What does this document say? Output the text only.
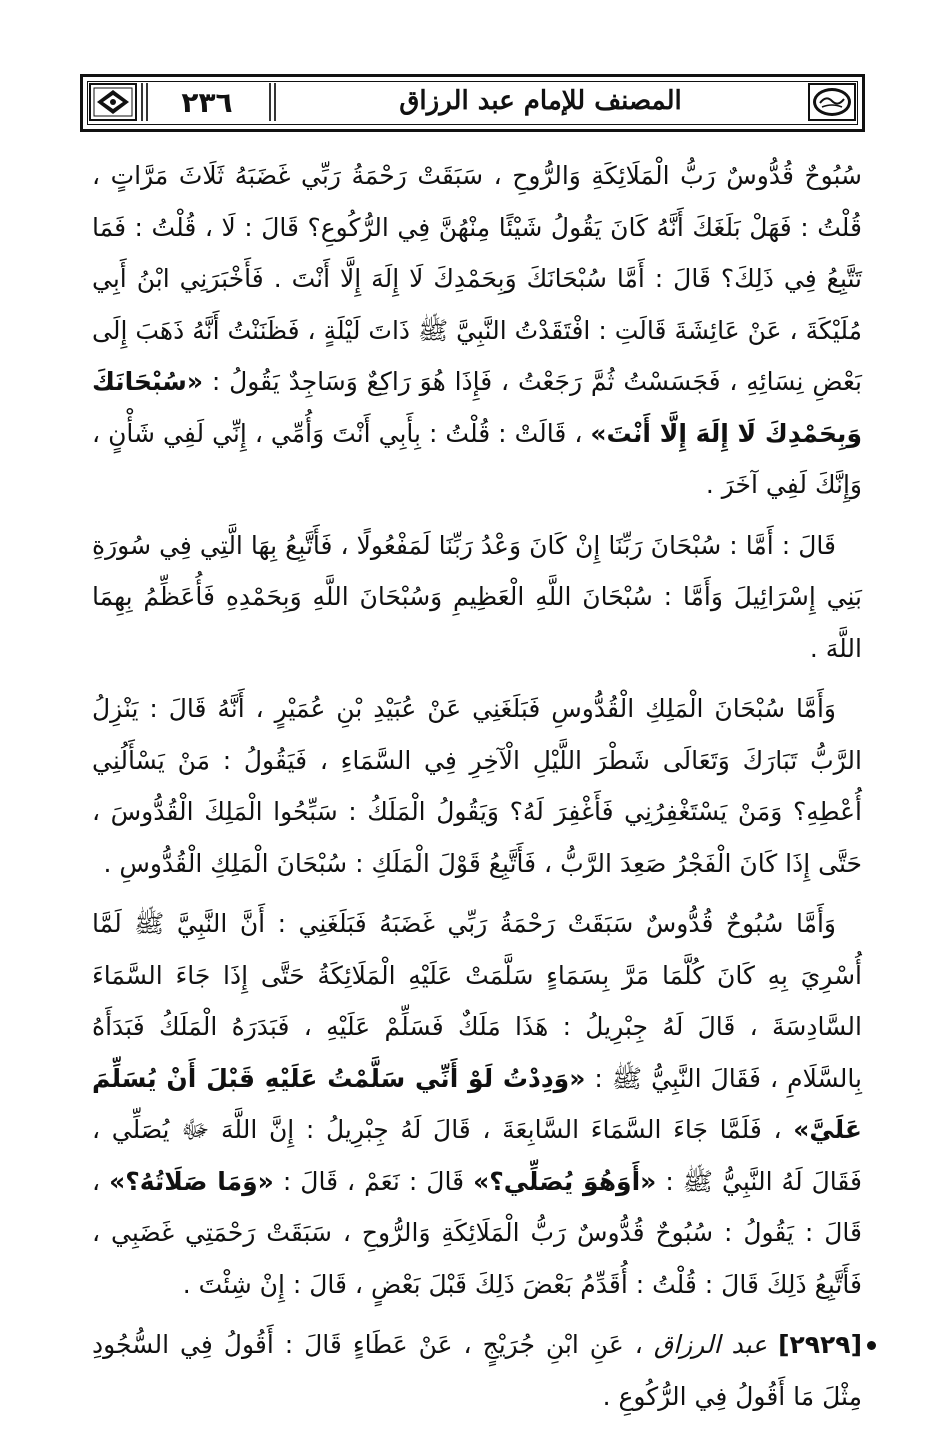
٢٣٦	المصنف للإمام عبد الرزاق

سُبُوحٌ قُدُّوسٌ رَبُّ الْمَلَائِكَةِ وَالرُّوحِ ، سَبَقَتْ رَحْمَةُ رَبِّي غَضَبَهُ ثَلَاثَ مَرَّاتٍ ، قُلْتُ : فَهَلْ بَلَغَكَ أَنَّهُ كَانَ يَقُولُ شَيْئًا مِنْهُنَّ فِي الرُّكُوعِ؟ قَالَ : لَا ، قُلْتُ : فَمَا تَتَّبِعُ فِي ذَلِكَ؟ قَالَ : أَمَّا سُبْحَانَكَ وَبِحَمْدِكَ لَا إِلَهَ إِلَّا أَنْتَ . فَأَخْبَرَنِي ابْنُ أَبِي مُلَيْكَةَ ، عَنْ عَائِشَةَ قَالَتِ : افْتَقَدْتُ النَّبِيَّ ﷺ ذَاتَ لَيْلَةٍ ، فَظَنَنْتُ أَنَّهُ ذَهَبَ إِلَى بَعْضِ نِسَائِهِ ، فَجَسَسْتُ ثُمَّ رَجَعْتُ ، فَإِذَا هُوَ رَاكِعٌ وَسَاجِدٌ يَقُولُ : «سُبْحَانَكَ وَبِحَمْدِكَ لَا إِلَهَ إِلَّا أَنْتَ» ، قَالَتْ : قُلْتُ : بِأَبِي أَنْتَ وَأُمِّي ، إِنِّي لَفِي شَأْنٍ ، وَإِنَّكَ لَفِي آخَرَ .

قَالَ : أَمَّا : سُبْحَانَ رَبِّنَا إِنْ كَانَ وَعْدُ رَبِّنَا لَمَفْعُولًا ، فَأَتَّبِعُ بِهَا الَّتِي فِي سُورَةِ بَنِي إِسْرَائِيلَ وَأَمَّا : سُبْحَانَ اللَّهِ الْعَظِيمِ وَسُبْحَانَ اللَّهِ وَبِحَمْدِهِ فَأُعَظِّمُ بِهِمَا اللَّهَ .

وَأَمَّا سُبْحَانَ الْمَلِكِ الْقُدُّوسِ فَبَلَغَنِي عَنْ عُبَيْدِ بْنِ عُمَيْرٍ ، أَنَّهُ قَالَ : يَنْزِلُ الرَّبُّ تَبَارَكَ وَتَعَالَى شَطْرَ اللَّيْلِ الْآخِرِ فِي السَّمَاءِ ، فَيَقُولُ : مَنْ يَسْأَلُنِي أُعْطِهِ؟ وَمَنْ يَسْتَغْفِرُنِي فَأَغْفِرَ لَهُ؟ وَيَقُولُ الْمَلَكُ : سَبِّحُوا الْمَلِكَ الْقُدُّوسَ ، حَتَّى إِذَا كَانَ الْفَجْرُ صَعِدَ الرَّبُّ ، فَأَتَّبِعُ قَوْلَ الْمَلَكِ : سُبْحَانَ الْمَلِكِ الْقُدُّوسِ .

وَأَمَّا سُبُوحٌ قُدُّوسٌ سَبَقَتْ رَحْمَةُ رَبِّي غَضَبَهُ فَبَلَغَنِي : أَنَّ النَّبِيَّ ﷺ لَمَّا أُسْرِيَ بِهِ كَانَ كُلَّمَا مَرَّ بِسَمَاءٍ سَلَّمَتْ عَلَيْهِ الْمَلَائِكَةُ حَتَّى إِذَا جَاءَ السَّمَاءَ السَّادِسَةَ ، قَالَ لَهُ جِبْرِيلُ : هَذَا مَلَكٌ فَسَلِّمْ عَلَيْهِ ، فَبَدَرَهُ الْمَلَكُ فَبَدَأَهُ بِالسَّلَامِ ، فَقَالَ النَّبِيُّ ﷺ : «وَدِدْتُ لَوْ أَنِّي سَلَّمْتُ عَلَيْهِ قَبْلَ أَنْ يُسَلِّمَ عَلَيَّ» ، فَلَمَّا جَاءَ السَّمَاءَ السَّابِعَةَ ، قَالَ لَهُ جِبْرِيلُ : إِنَّ اللَّهَ ﷻ يُصَلِّي ، فَقَالَ لَهُ النَّبِيُّ ﷺ : «أَوَهُوَ يُصَلِّي؟» قَالَ : نَعَمْ ، قَالَ : «وَمَا صَلَاتُهُ؟» ، قَالَ : يَقُولُ : سُبُوحٌ قُدُّوسٌ رَبُّ الْمَلَائِكَةِ وَالرُّوحِ ، سَبَقَتْ رَحْمَتِي غَضَبِي ، فَأَتَّبِعُ ذَلِكَ قَالَ : قُلْتُ : أُقَدِّمُ بَعْضَ ذَلِكَ قَبْلَ بَعْضٍ ، قَالَ : إِنْ شِئْتَ .

[٢٩٢٩] عبد الرزاق ، عَنِ ابْنِ جُرَيْجٍ ، عَنْ عَطَاءٍ قَالَ : أَقُولُ فِي السُّجُودِ مِثْلَ مَا أَقُولُ فِي الرُّكُوعِ .
